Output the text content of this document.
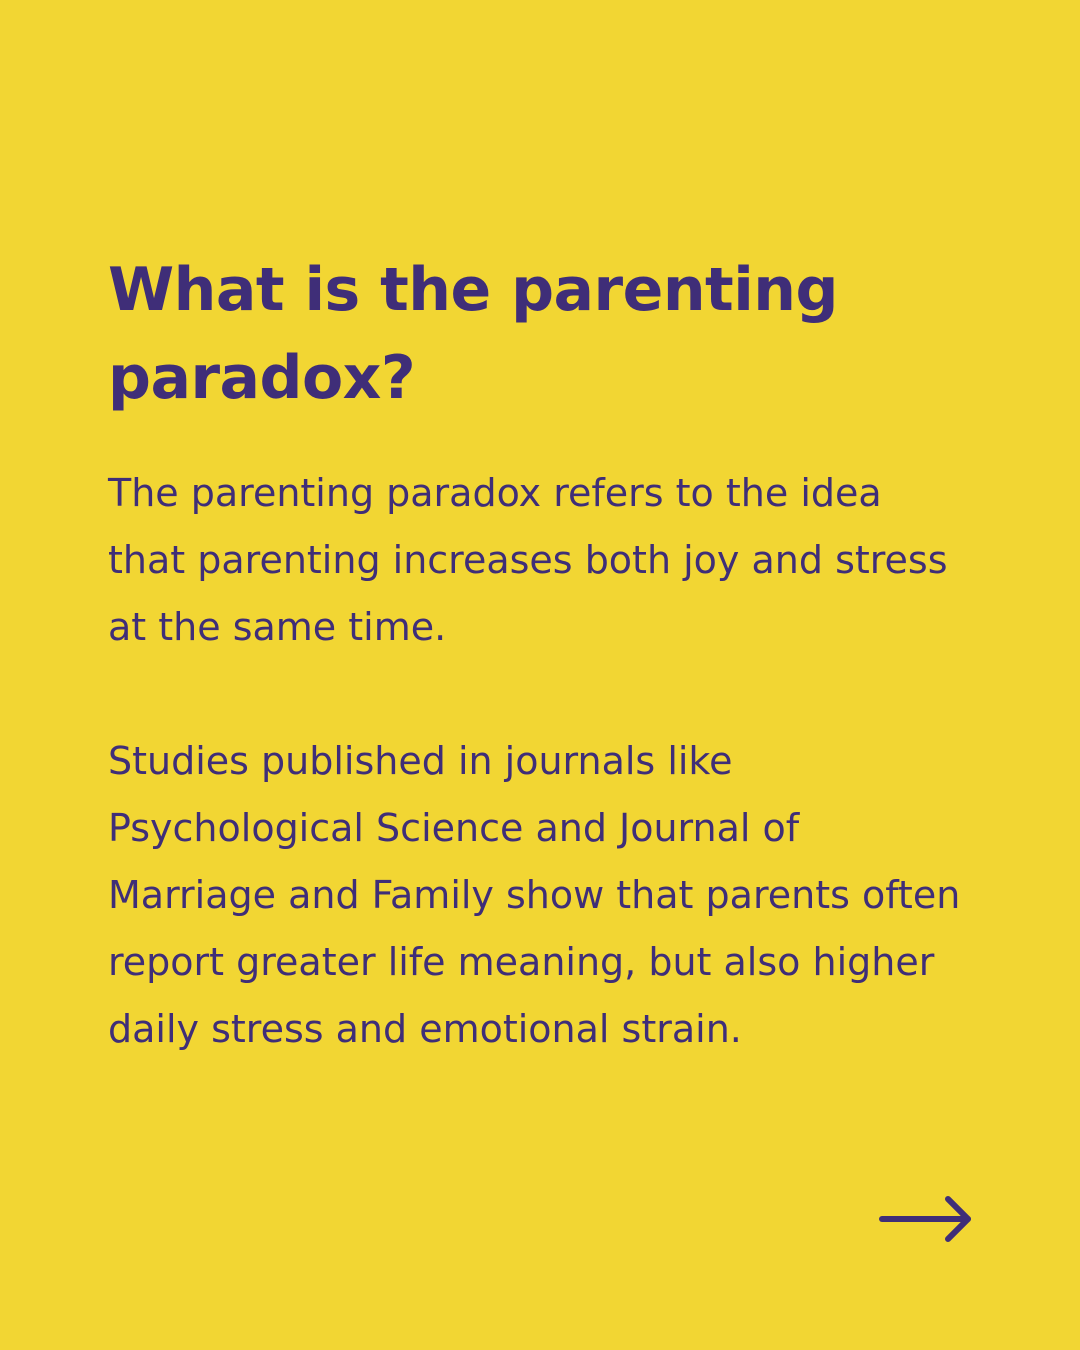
What is the parenting paradox?

The parenting paradox refers to the idea that parenting increases both joy and stress at the same time.

Studies published in journals like Psychological Science and Journal of Marriage and Family show that parents often report greater life meaning, but also higher daily stress and emotional strain.
